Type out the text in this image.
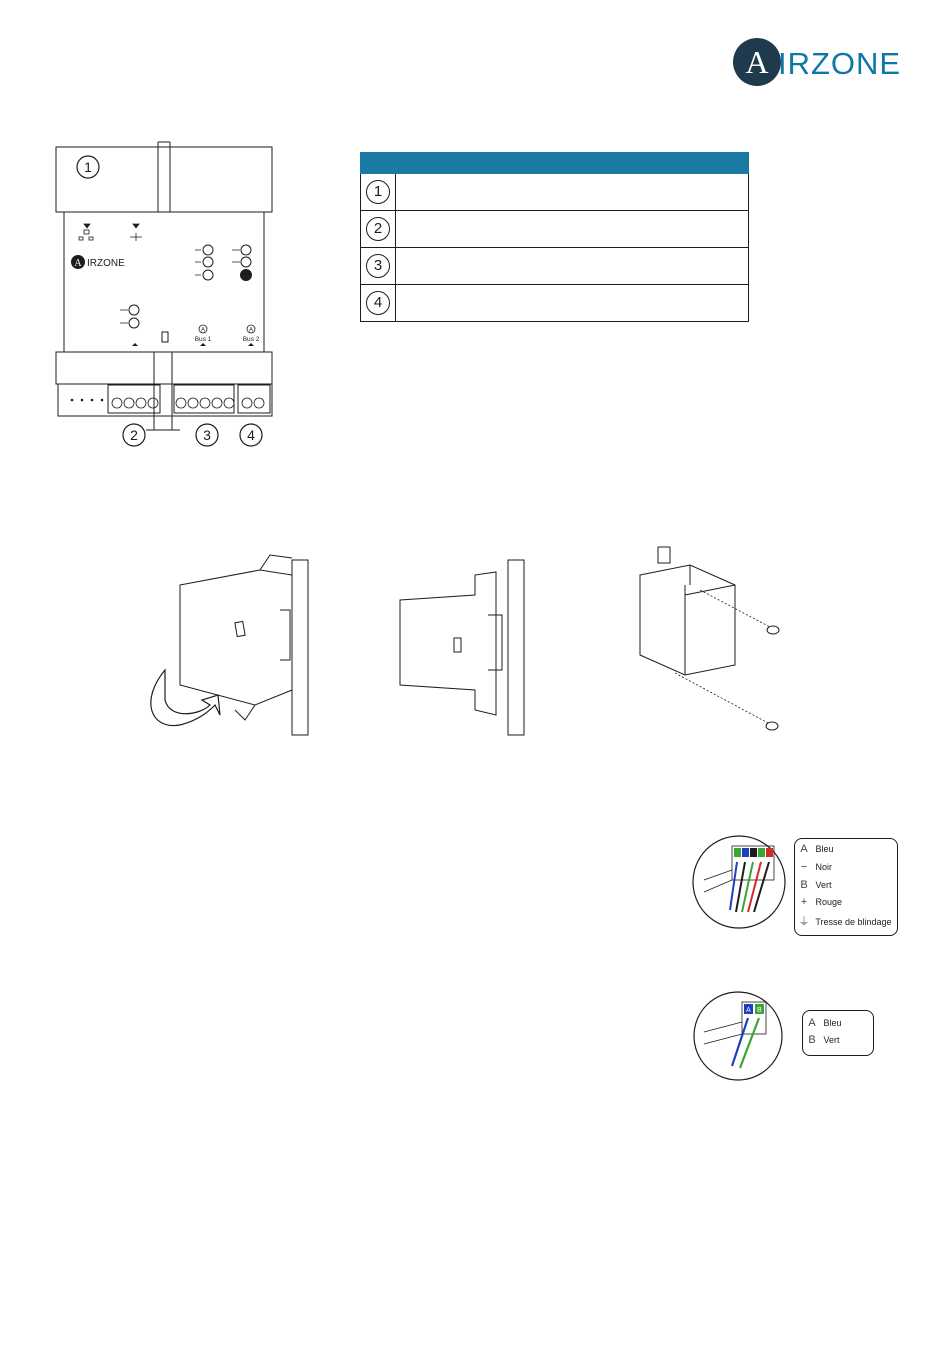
A IRZONE
A IRZONE
A
Bus 1
A
Bus 2
1
2	3	4

1	
2	
3	
4	
A Bleu
− Noir
B Vert
+ Rouge
⏚ Tresse de blindage
A B
A Bleu
B Vert
